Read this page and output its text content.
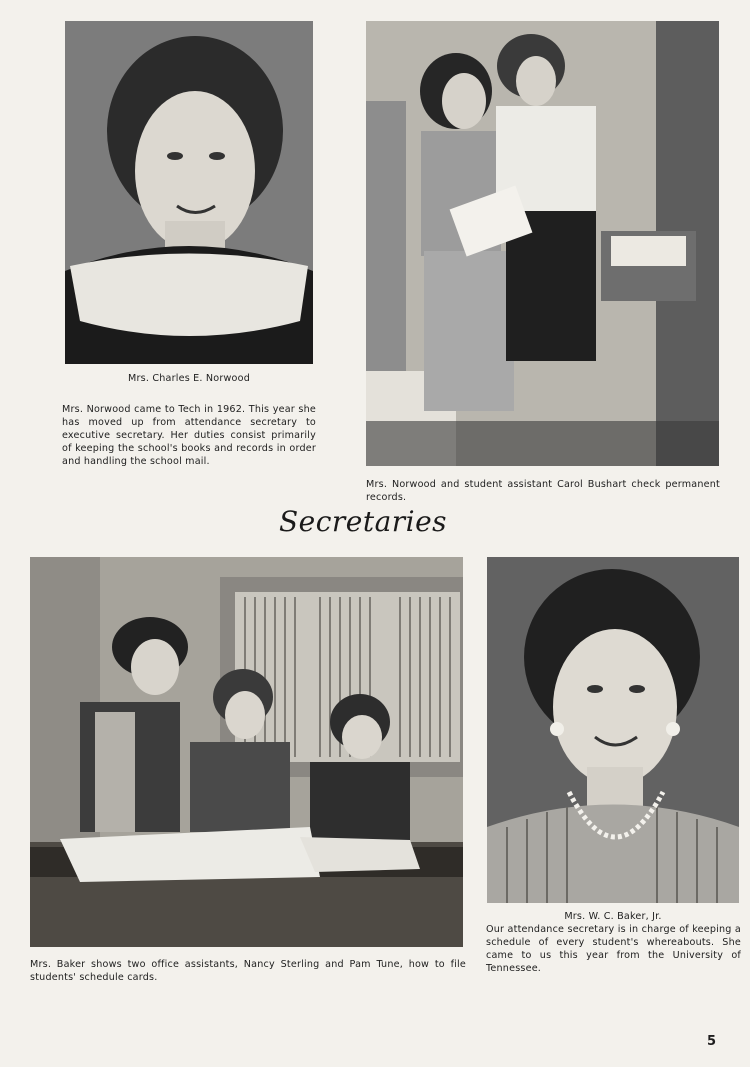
Mrs. Charles E. Norwood
Mrs. Norwood came to Tech in 1962. This year she has moved up from attendance secretary to executive secretary. Her duties consist primarily of keeping the school's books and records in order and handling the school mail.
Mrs. Norwood and student assistant Carol Bushart check permanent records.
Secretaries
Mrs. Baker shows two office assistants, Nancy Sterling and Pam Tune, how to file students' schedule cards.
Mrs. W. C. Baker, Jr.
Our attendance secretary is in charge of keeping a schedule of every student's whereabouts. She came to us this year from the University of Tennessee.
5
